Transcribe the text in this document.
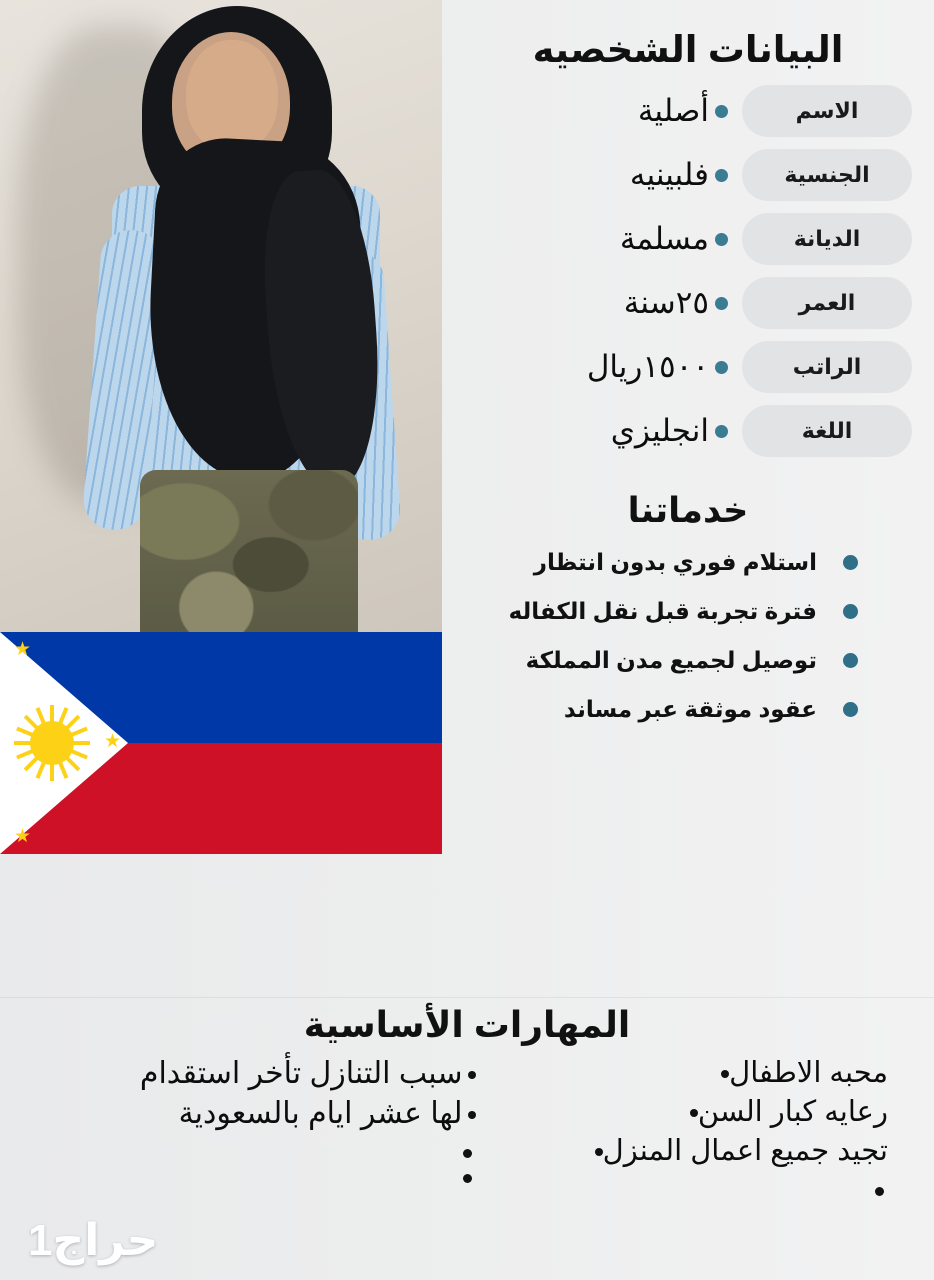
★
★
★
البيانات الشخصيه
الاسم
أصلية
الجنسية
فلبينيه
الديانة
مسلمة
العمر
٢٥سنة
الراتب
١٥٠٠ريال
اللغة
انجليزي
خدماتنا
استلام فوري بدون انتظار
فترة تجربة قبل نقل الكفاله
توصيل لجميع مدن المملكة
عقود موثقة عبر مساند
المهارات الأساسية
محبه الاطفال
رعايه كبار السن
تجيد جميع اعمال المنزل
سبب التنازل تأخر استقدام
لها عشر ايام بالسعودية
حراج1
